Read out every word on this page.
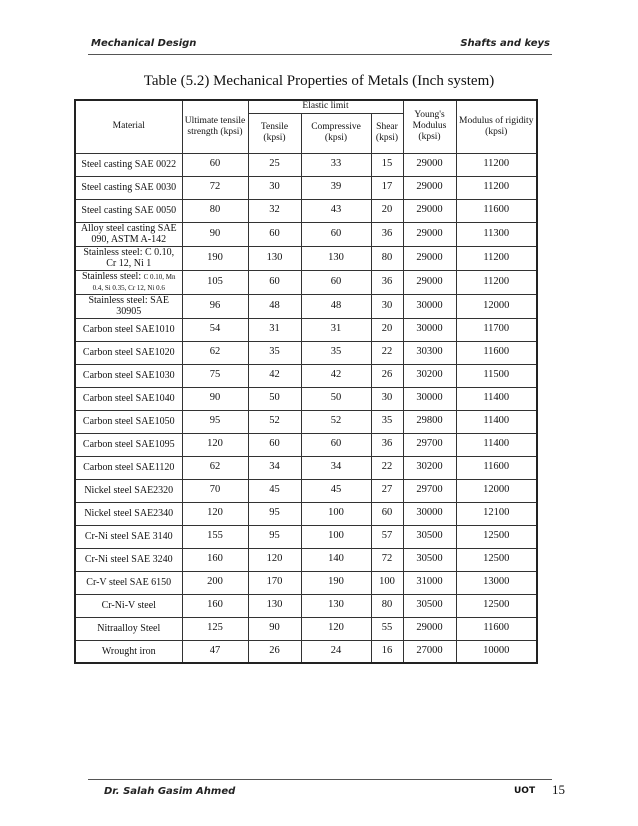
Mechanical Design	Shafts and keys
Table (5.2) Mechanical Properties of Metals (Inch system)
Material	Ultimate tensile strength (kpsi)	Elastic limit			Young's Modulus (kpsi)	Modulus of rigidity (kpsi)
		Tensile (kpsi)	Compressive (kpsi)	Shear (kpsi)		
Steel casting SAE 0022	60	25	33	15	29000	11200
Steel casting SAE 0030	72	30	39	17	29000	11200
Steel casting SAE 0050	80	32	43	20	29000	11600
Alloy steel casting SAE 090, ASTM A-142	90	60	60	36	29000	11300
Stainless steel: C 0.10, Cr 12, Ni 1	190	130	130	80	29000	11200
Stainless steel: C 0.10, Mn 0.4, Si 0.35, Cr 12, Ni 0.6	105	60	60	36	29000	11200
Stainless steel: SAE 30905	96	48	48	30	30000	12000
Carbon steel SAE1010	54	31	31	20	30000	11700
Carbon steel SAE1020	62	35	35	22	30300	11600
Carbon steel SAE1030	75	42	42	26	30200	11500
Carbon steel SAE1040	90	50	50	30	30000	11400
Carbon steel SAE1050	95	52	52	35	29800	11400
Carbon steel SAE1095	120	60	60	36	29700	11400
Carbon steel SAE1120	62	34	34	22	30200	11600
Nickel steel SAE2320	70	45	45	27	29700	12000
Nickel steel SAE2340	120	95	100	60	30000	12100
Cr-Ni steel SAE 3140	155	95	100	57	30500	12500
Cr-Ni steel SAE 3240	160	120	140	72	30500	12500
Cr-V steel SAE 6150	200	170	190	100	31000	13000
Cr-Ni-V steel	160	130	130	80	30500	12500
Nitraalloy Steel	125	90	120	55	29000	11600
Wrought iron	47	26	24	16	27000	10000
Dr. Salah Gasim Ahmed	UOT 15
